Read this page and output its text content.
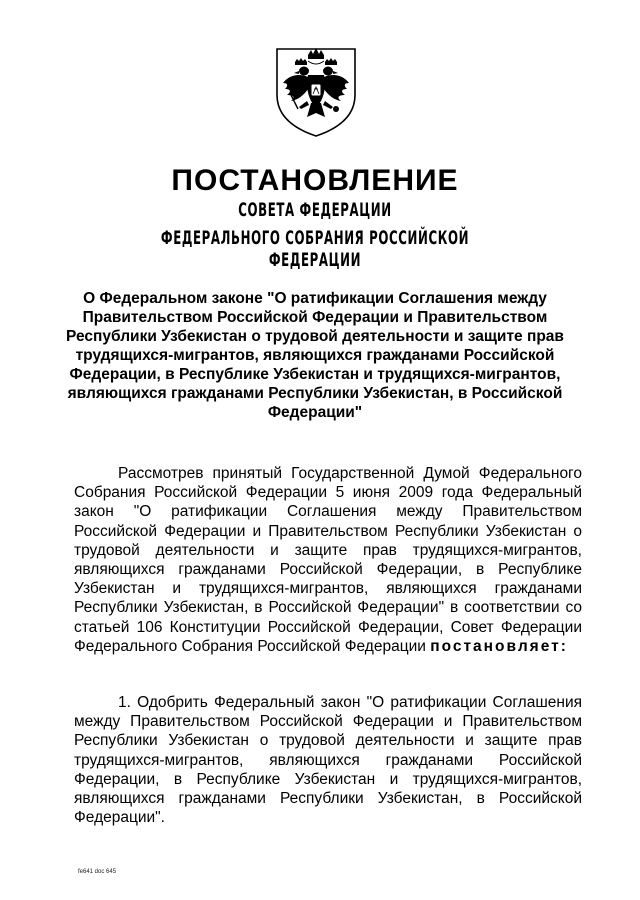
ПОСТАНОВЛЕНИЕ
СОВЕТА ФЕДЕРАЦИИ
ФЕДЕРАЛЬНОГО СОБРАНИЯ РОССИЙСКОЙ ФЕДЕРАЦИИ
О Федеральном законе "О ратификации Соглашения между Правительством Российской Федерации и Правительством Республики Узбекистан о трудовой деятельности и защите прав трудящихся-мигрантов, являющихся гражданами Российской Федерации, в Республике Узбекистан и трудящихся-мигрантов, являющихся гражданами Республики Узбекистан, в Российской Федерации"
Рассмотрев принятый Государственной Думой Федерального Собрания Российской Федерации 5 июня 2009 года Федеральный закон "О ратификации Соглашения между Правительством Российской Федерации и Правительством Республики Узбекистан о трудовой деятельности и защите прав трудящихся-мигрантов, являющихся гражданами Российской Федерации, в Республике Узбекистан и трудящихся-мигрантов, являющихся гражданами Республики Узбекистан, в Российской Федерации" в соответствии со статьей 106 Конституции Российской Федерации, Совет Федерации Федерального Собрания Российской Федерации постановляет:
1. Одобрить Федеральный закон "О ратификации Соглашения между Правительством Российской Федерации и Правительством Республики Узбекистан о трудовой деятельности и защите прав трудящихся-мигрантов, являющихся гражданами Российской Федерации, в Республике Узбекистан и трудящихся-мигрантов, являющихся гражданами Республики Узбекистан, в Российской Федерации".
fe641 doc 645
